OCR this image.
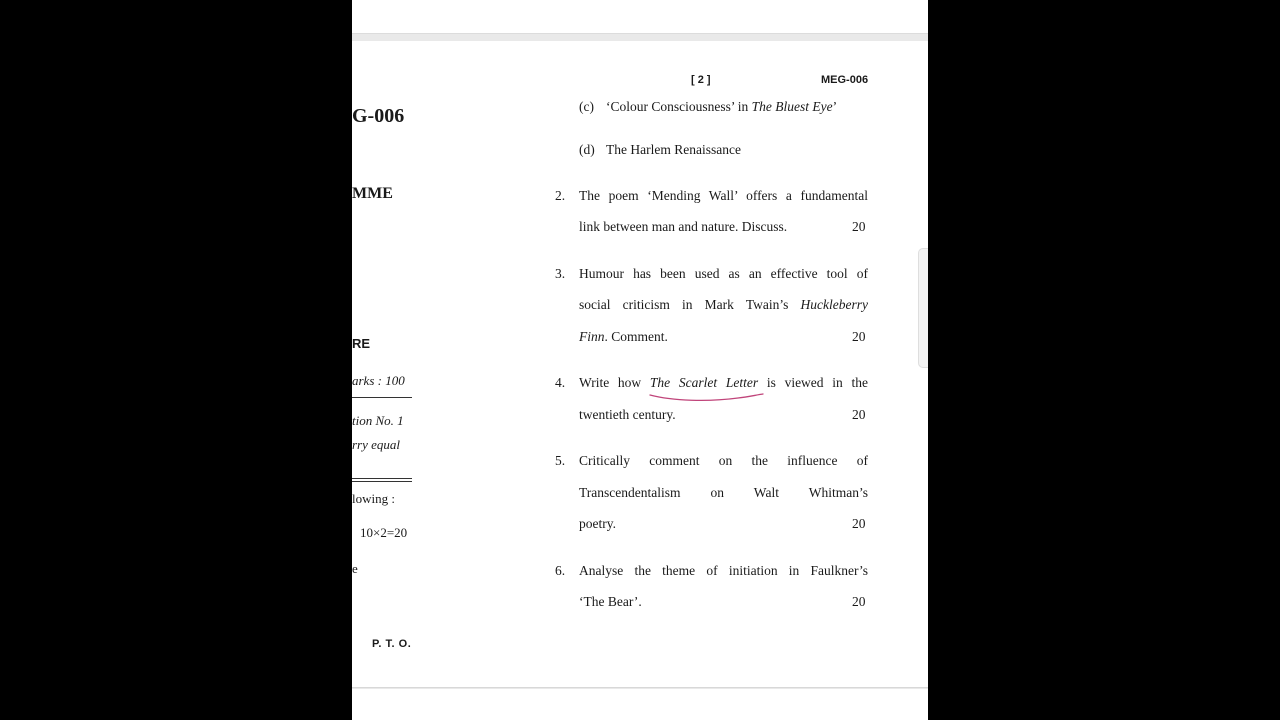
G-006
MME
RE
arks : 100
tion No. 1
rry equal
lowing :
10×2=20
e
P. T. O.
[ 2 ]	MEG-006
(c) ‘Colour Consciousness’ in The Bluest Eye’
(d) The Harlem Renaissance
2. The poem ‘Mending Wall’ offers a fundamental
link between man and nature. Discuss.	20
3. Humour has been used as an effective tool of
social criticism in Mark Twain’s Huckleberry
Finn. Comment.	20
4. Write how The Scarlet Letter is viewed in the
twentieth century.	20
5. Critically comment on the influence of
Transcendentalism on Walt Whitman’s
poetry.	20
6. Analyse the theme of initiation in Faulkner’s
‘The Bear’.	20
